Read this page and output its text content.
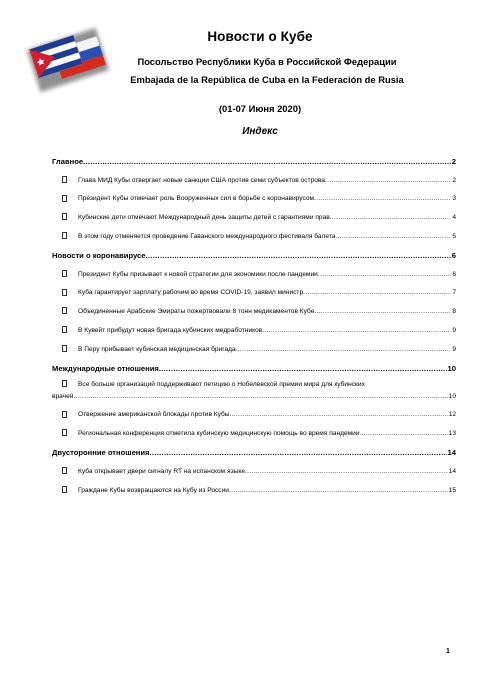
Новости о Кубе
Посольство Республики Куба в Российской Федерации
Embajada de la República de Cuba en la Federación de Rusia
(01-07 Июня 2020)
Индекс
Главное .....	2
Глава МИД Кубы отвергает новые санкции США против семи субъектов острова .....	2
Президент Кубы отмечает роль Вооруженных сил в борьбе с коронавирусом .....	3
Кубинские дети отмечают Международный день защиты детей с гарантиями прав .....	4
В этом году отменяется проведение Гаванского международного фестиваля балета .....	5
Новости о коронавирусе .....	6
Президент Кубы призывает к новой стратегии для экономики после пандемии .....	6
Куба гарантирует зарплату рабочим во время COVID-19, заявил министр .....	7
Объединенные Арабские Эмираты пожертвовали 8 тонн медикаментов Кубе .....	8
В Кувейт прибудут новая бригада кубинских медработников .....	9
В Перу прибывает кубинская медицинская бригада .....	9
Международные отношения .....	10
Все больше организаций поддерживают петицию о Нобелевской премии мира для кубинских
врачей .....	10
Отвержение американской блокады против Кубы .....	12
Региональная конференция отметила кубинскую медицинскую помощь во время пандемии .....	13
Двусторонние отношения .....	14
Куба открывает двери сигналу RT на испанском языке .....	14
Граждане Кубы возвращаются на Кубу из России .....	15
1
